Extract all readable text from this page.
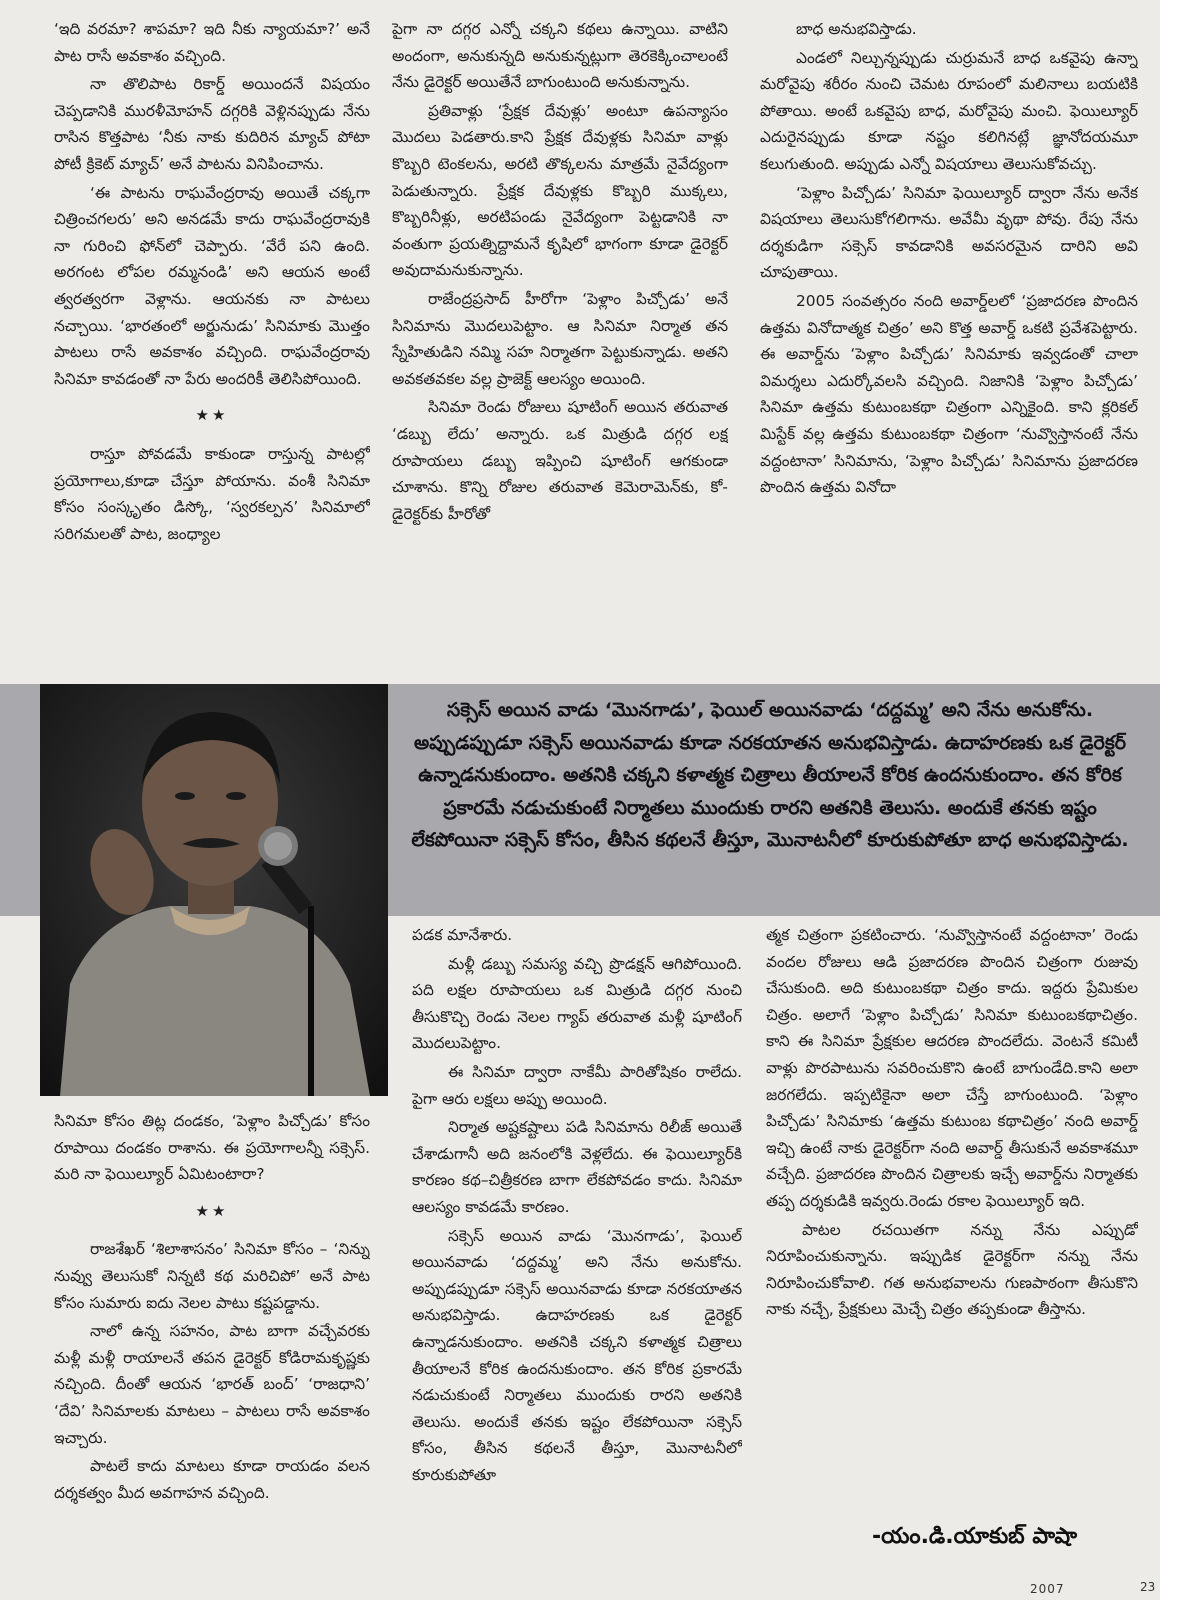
‘ఇది వరమా? శాపమా? ఇది నీకు న్యాయమా?’ అనే పాట రాసే అవకాశం వచ్చింది.

నా తొలిపాట రికార్డ్ అయిందనే విషయం చెప్పడానికి మురళీమోహన్ దగ్గరికి వెళ్లినప్పుడు నేను రాసిన కొత్తపాట ‘నీకు నాకు కుదిరిన మ్యాచ్ పోటా పోటీ క్రికెట్ మ్యాచ్’ అనే పాటను వినిపించాను.

‘ఈ పాటను రాఘవేంద్రరావు అయితే చక్కగా చిత్రించగలరు’ అని అనడమే కాదు రాఘవేంద్రరావుకి నా గురించి ఫోన్‌లో చెప్పారు. ‘వేరే పని ఉంది. అరగంట లోపల రమ్మనండి’ అని ఆయన అంటే త్వరత్వరగా వెళ్లాను. ఆయనకు నా పాటలు నచ్చాయి. ‘భారతంలో అర్జునుడు’ సినిమాకు మొత్తం పాటలు రాసే అవకాశం వచ్చింది. రాఘవేంద్రరావు సినిమా కావడంతో నా పేరు అందరికీ తెలిసిపోయింది.

★★

రాస్తూ పోవడమే కాకుండా రాస్తున్న పాటల్లో ప్రయోగాలు,కూడా చేస్తూ పోయాను. వంశీ సినిమా కోసం సంస్కృతం డిస్కో, ‘స్వరకల్పన’ సినిమాలో సరిగమలతో పాట, జంధ్యాల

పైగా నా దగ్గర ఎన్నో చక్కని కథలు ఉన్నాయి. వాటిని అందంగా, అనుకున్నది అనుకున్నట్లుగా తెరకెక్కించాలంటే నేను డైరెక్టర్ అయితేనే బాగుంటుంది అనుకున్నాను.

ప్రతివాళ్లు ‘ప్రేక్షక దేవుళ్లు’ అంటూ ఉపన్యాసం మొదలు పెడతారు.కాని ప్రేక్షక దేవుళ్లకు సినిమా వాళ్లు కొబ్బరి టెంకలను, అరటి తొక్కలను మాత్రమే నైవేద్యంగా పెడుతున్నారు. ప్రేక్షక దేవుళ్లకు కొబ్బరి ముక్కలు, కొబ్బరినీళ్లు, అరటిపండు నైవేద్యంగా పెట్టడానికి నా వంతుగా ప్రయత్నిద్దామనే కృషిలో భాగంగా కూడా డైరెక్టర్ అవుదామనుకున్నాను.

రాజేంద్రప్రసాద్ హీరోగా ‘పెళ్లాం పిచ్చోడు’ అనే సినిమాను మొదలుపెట్టాం. ఆ సినిమా నిర్మాత తన స్నేహితుడిని నమ్మి సహ నిర్మాతగా పెట్టుకున్నాడు. అతని అవకతవకల వల్ల ప్రాజెక్ట్ ఆలస్యం అయింది.

సినిమా రెండు రోజులు షూటింగ్ అయిన తరువాత ‘డబ్బు లేదు’ అన్నారు. ఒక మిత్రుడి దగ్గర లక్ష రూపాయలు డబ్బు ఇప్పించి షూటింగ్ ఆగకుండా చూశాను. కొన్ని రోజుల తరువాత కెమెరామెన్‌కు, కో-డైరెక్టర్‌కు హీరోతో

బాధ అనుభవిస్తాడు.

ఎండలో నిల్చున్నప్పుడు చుర్రుమనే బాధ ఒకవైపు ఉన్నా మరోవైపు శరీరం నుంచి చెమట రూపంలో మలినాలు బయటికి పోతాయి. అంటే ఒకవైపు బాధ, మరోవైపు మంచి. ఫెయిల్యూర్ ఎదురైనప్పుడు కూడా నష్టం కలిగినట్లే జ్ఞానోదయమూ కలుగుతుంది. అప్పుడు ఎన్నో విషయాలు తెలుసుకోవచ్చు.

‘పెళ్లాం పిచ్చోడు’ సినిమా ఫెయిల్యూర్ ద్వారా నేను అనేక విషయాలు తెలుసుకోగలిగాను. అవేమీ వృథా పోవు. రేపు నేను దర్శకుడిగా సక్సెస్ కావడానికి అవసరమైన దారిని అవి చూపుతాయి.

2005 సంవత్సరం నంది అవార్డ్‌లలో ‘ప్రజాదరణ పొందిన ఉత్తమ వినోదాత్మక చిత్రం’ అని కొత్త అవార్డ్ ఒకటి ప్రవేశపెట్టారు. ఈ అవార్డ్‌ను ‘పెళ్లాం పిచ్చోడు’ సినిమాకు ఇవ్వడంతో చాలా విమర్శలు ఎదుర్కోవలసి వచ్చింది. నిజానికి ‘పెళ్లాం పిచ్చోడు’ సినిమా ఉత్తమ కుటుంబకథా చిత్రంగా ఎన్నికైంది. కాని క్లరికల్ మిస్టేక్ వల్ల ఉత్తమ కుటుంబకథా చిత్రంగా ‘నువ్వొస్తానంటే నేను వద్దంటానా’ సినిమాను, ‘పెళ్లాం పిచ్చోడు’ సినిమాను ప్రజాదరణ పొందిన ఉత్తమ వినోదా

సక్సెస్ అయిన వాడు ‘మొనగాడు’, ఫెయిల్ అయినవాడు ‘దద్దమ్మ’ అని నేను అనుకోను. అప్పుడప్పుడూ సక్సెస్ అయినవాడు కూడా నరకయాతన అనుభవిస్తాడు. ఉదాహరణకు ఒక డైరెక్టర్ ఉన్నాడనుకుందాం. అతనికి చక్కని కళాత్మక చిత్రాలు తీయాలనే కోరిక ఉందనుకుందాం. తన కోరిక ప్రకారమే నడుచుకుంటే నిర్మాతలు ముందుకు రారని అతనికి తెలుసు. అందుకే తనకు ఇష్టం లేకపోయినా సక్సెస్ కోసం, తీసిన కథలనే తీస్తూ, మొనాటనీలో కూరుకుపోతూ బాధ అనుభవిస్తాడు.

సినిమా కోసం తిట్ల దండకం, ‘పెళ్లాం పిచ్చోడు’ కోసం రూపాయి దండకం రాశాను. ఈ ప్రయోగాలన్నీ సక్సెస్. మరి నా ఫెయిల్యూర్ ఏమిటంటారా?

★★

రాజశేఖర్ ‘శిలాశాసనం’ సినిమా కోసం – ‘నిన్ను నువ్వు తెలుసుకో నిన్నటి కథ మరిచిపో’ అనే పాట కోసం సుమారు ఐదు నెలల పాటు కష్టపడ్డాను.

నాలో ఉన్న సహనం, పాట బాగా వచ్చేవరకు మళ్లీ మళ్లీ రాయాలనే తపన డైరెక్టర్ కోడిరామకృష్ణకు నచ్చింది. దీంతో ఆయన ‘భారత్ బంద్’ ‘రాజధాని’ ‘దేవి’ సినిమాలకు మాటలు – పాటలు రాసే అవకాశం ఇచ్చారు.

పాటలే కాదు మాటలు కూడా రాయడం వలన దర్శకత్వం మీద అవగాహన వచ్చింది.

పడక మానేశారు.

మళ్లీ డబ్బు సమస్య వచ్చి ప్రొడక్షన్ ఆగిపోయింది. పది లక్షల రూపాయలు ఒక మిత్రుడి దగ్గర నుంచి తీసుకొచ్చి రెండు నెలల గ్యాప్ తరువాత మళ్లీ షూటింగ్ మొదలుపెట్టాం.

ఈ సినిమా ద్వారా నాకేమీ పారితోషికం రాలేదు. పైగా ఆరు లక్షలు అప్పు అయింది.

నిర్మాత అష్టకష్టాలు పడి సినిమాను రిలీజ్ అయితే చేశాడుగానీ అది జనంలోకి వెళ్లలేదు. ఈ ఫెయిల్యూర్‌కి కారణం కథ–చిత్రీకరణ బాగా లేకపోవడం కాదు. సినిమా ఆలస్యం కావడమే కారణం.

సక్సెస్ అయిన వాడు ‘మొనగాడు’, ఫెయిల్ అయినవాడు ‘దద్దమ్మ’ అని నేను అనుకోను. అప్పుడప్పుడూ సక్సెస్ అయినవాడు కూడా నరకయాతన అనుభవిస్తాడు. ఉదాహరణకు ఒక డైరెక్టర్ ఉన్నాడనుకుందాం. అతనికి చక్కని కళాత్మక చిత్రాలు తీయాలనే కోరిక ఉందనుకుందాం. తన కోరిక ప్రకారమే నడుచుకుంటే నిర్మాతలు ముందుకు రారని అతనికి తెలుసు. అందుకే తనకు ఇష్టం లేకపోయినా సక్సెస్ కోసం, తీసిన కథలనే తీస్తూ, మొనాటనీలో కూరుకుపోతూ

త్మక చిత్రంగా ప్రకటించారు. ‘నువ్వొస్తానంటే వద్దంటానా’ రెండు వందల రోజులు ఆడి ప్రజాదరణ పొందిన చిత్రంగా రుజువు చేసుకుంది. అది కుటుంబకథా చిత్రం కాదు. ఇద్దరు ప్రేమికుల చిత్రం. అలాగే ‘పెళ్లాం పిచ్చోడు’ సినిమా కుటుంబకథాచిత్రం. కాని ఈ సినిమా ప్రేక్షకుల ఆదరణ పొందలేదు. వెంటనే కమిటీ వాళ్లు పొరపాటును సవరించుకొని ఉంటే బాగుండేది.కాని అలా జరగలేదు. ఇప్పటికైనా అలా చేస్తే బాగుంటుంది. ‘పెళ్లాం పిచ్చోడు’ సినిమాకు ‘ఉత్తమ కుటుంబ కథాచిత్రం’ నంది అవార్డ్ ఇచ్చి ఉంటే నాకు డైరెక్టర్‌గా నంది అవార్డ్ తీసుకునే అవకాశమూ వచ్చేది. ప్రజాదరణ పొందిన చిత్రాలకు ఇచ్చే అవార్డ్‌ను నిర్మాతకు తప్ప దర్శకుడికి ఇవ్వరు.రెండు రకాల ఫెయిల్యూర్ ఇది.

పాటల రచయితగా నన్ను నేను ఎప్పుడో నిరూపించుకున్నాను. ఇప్పుడిక డైరెక్టర్‌గా నన్ను నేను నిరూపించుకోవాలి. గత అనుభవాలను గుణపాఠంగా తీసుకొని నాకు నచ్చే, ప్రేక్షకులు మెచ్చే చిత్రం తప్పకుండా తీస్తాను.

-యం.డి.యాకుబ్ పాషా
2007	23
